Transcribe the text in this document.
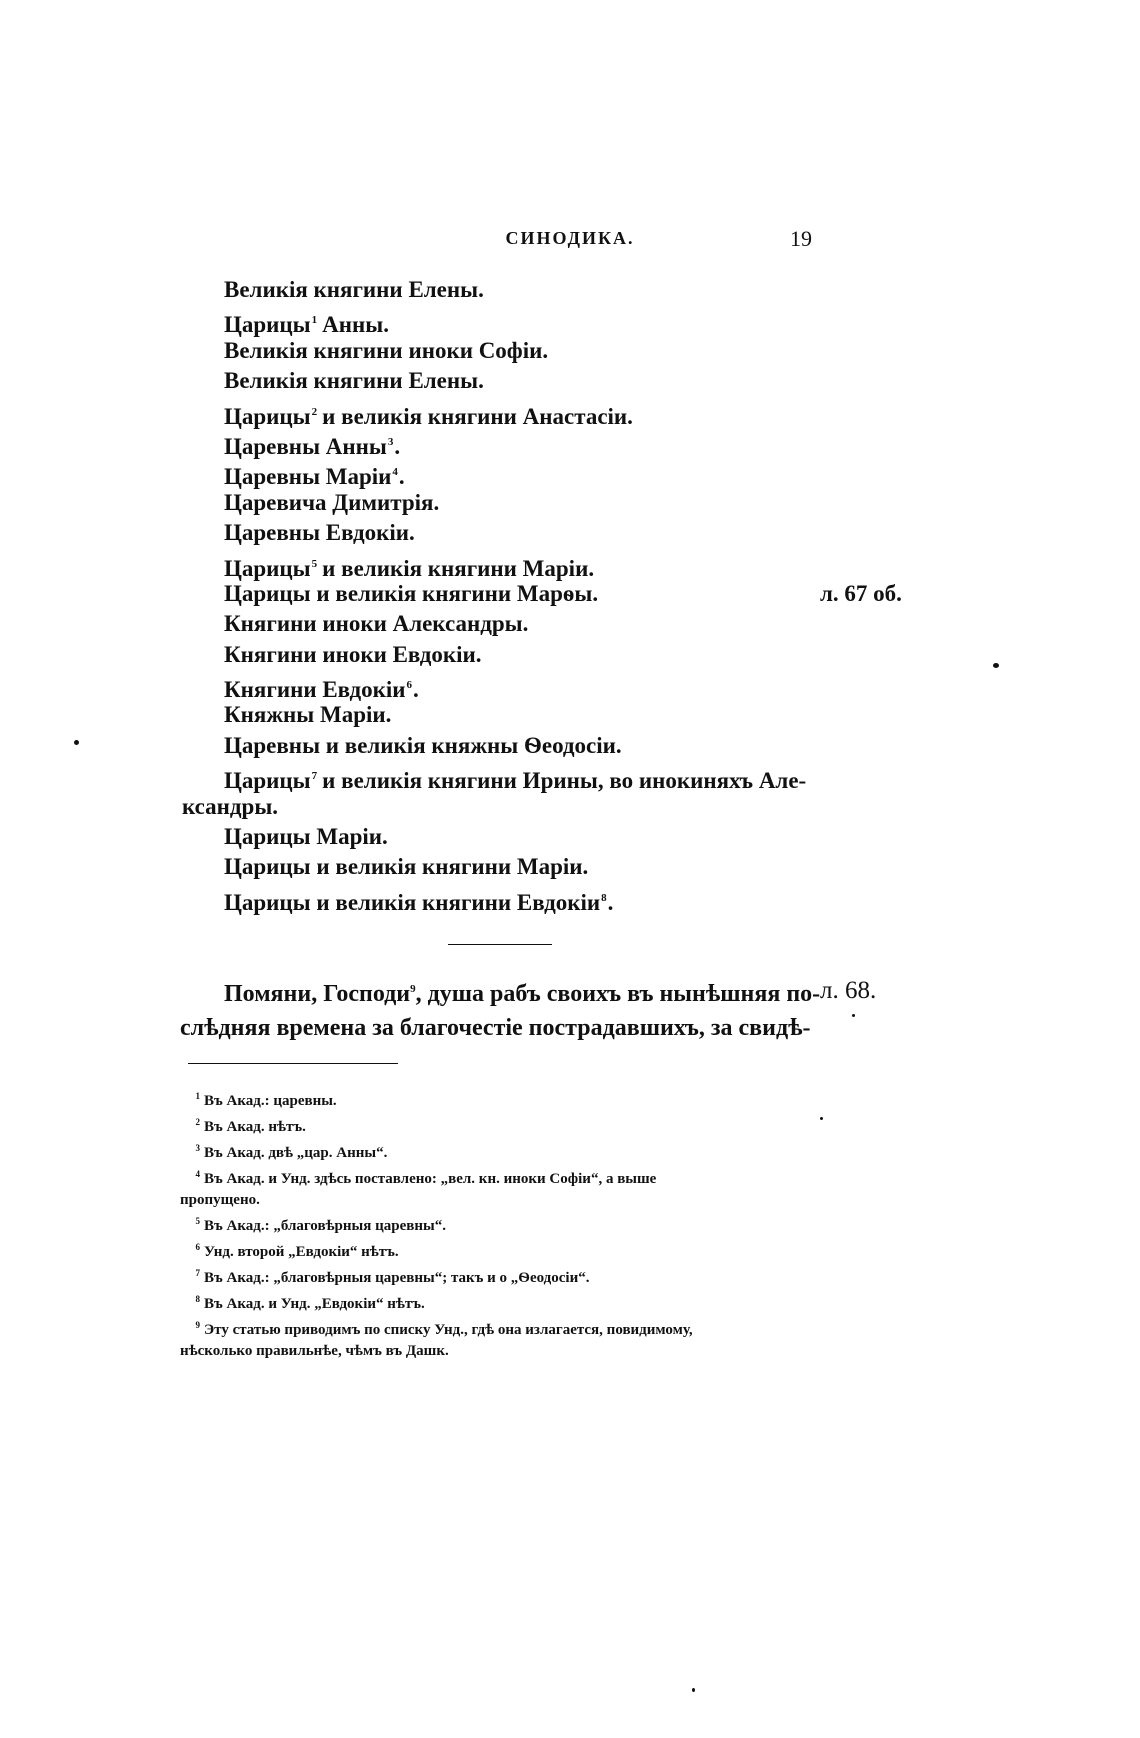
СИНОДИКА.	19
Великія княгини Елены.
Царицы$^1$ Анны.
Великія княгини иноки Софіи.
Великія княгини Елены.
Царицы$^2$ и великія княгини Анастасіи.
Царевны Анны$^3$.
Царевны Маріи$^4$.
Царевича Димитрія.
Царевны Евдокіи.
Царицы$^5$ и великія княгини Маріи.
Царицы и великія княгини Марѳы.
Княгини иноки Александры.
Княгини иноки Евдокіи.
Княгини Евдокіи$^6$.
Княжны Маріи.
Царевны и великія княжны Ѳеодосіи.
Царицы$^7$ и великія княгини Ирины, во инокиняхъ Але-
ксандры.
Царицы Маріи.
Царицы и великія княгини Маріи.
Царицы и великія княгини Евдокіи$^8$.
л. 67 об.
л. 68.
Помяни, Господи$^9$, душа рабъ своихъ въ нынѣшняя по-
слѣдняя времена за благочестіе пострадавшихъ, за свидѣ-
1 Въ Акад.: царевны.
2 Въ Акад. нѣтъ.
3 Въ Акад. двѣ „цар. Анны“.
4 Въ Акад. и Унд. здѣсь поставлено: „вел. кн. иноки Софіи“, а выше
пропущено.
5 Въ Акад.: „благовѣрныя царевны“.
6 Унд. второй „Евдокіи“ нѣтъ.
7 Въ Акад.: „благовѣрныя царевны“; такъ и о „Ѳеодосіи“.
8 Въ Акад. и Унд. „Евдокіи“ нѣтъ.
9 Эту статью приводимъ по списку Унд., гдѣ она излагается, повидимому,
нѣсколько правильнѣе, чѣмъ въ Дашк.
